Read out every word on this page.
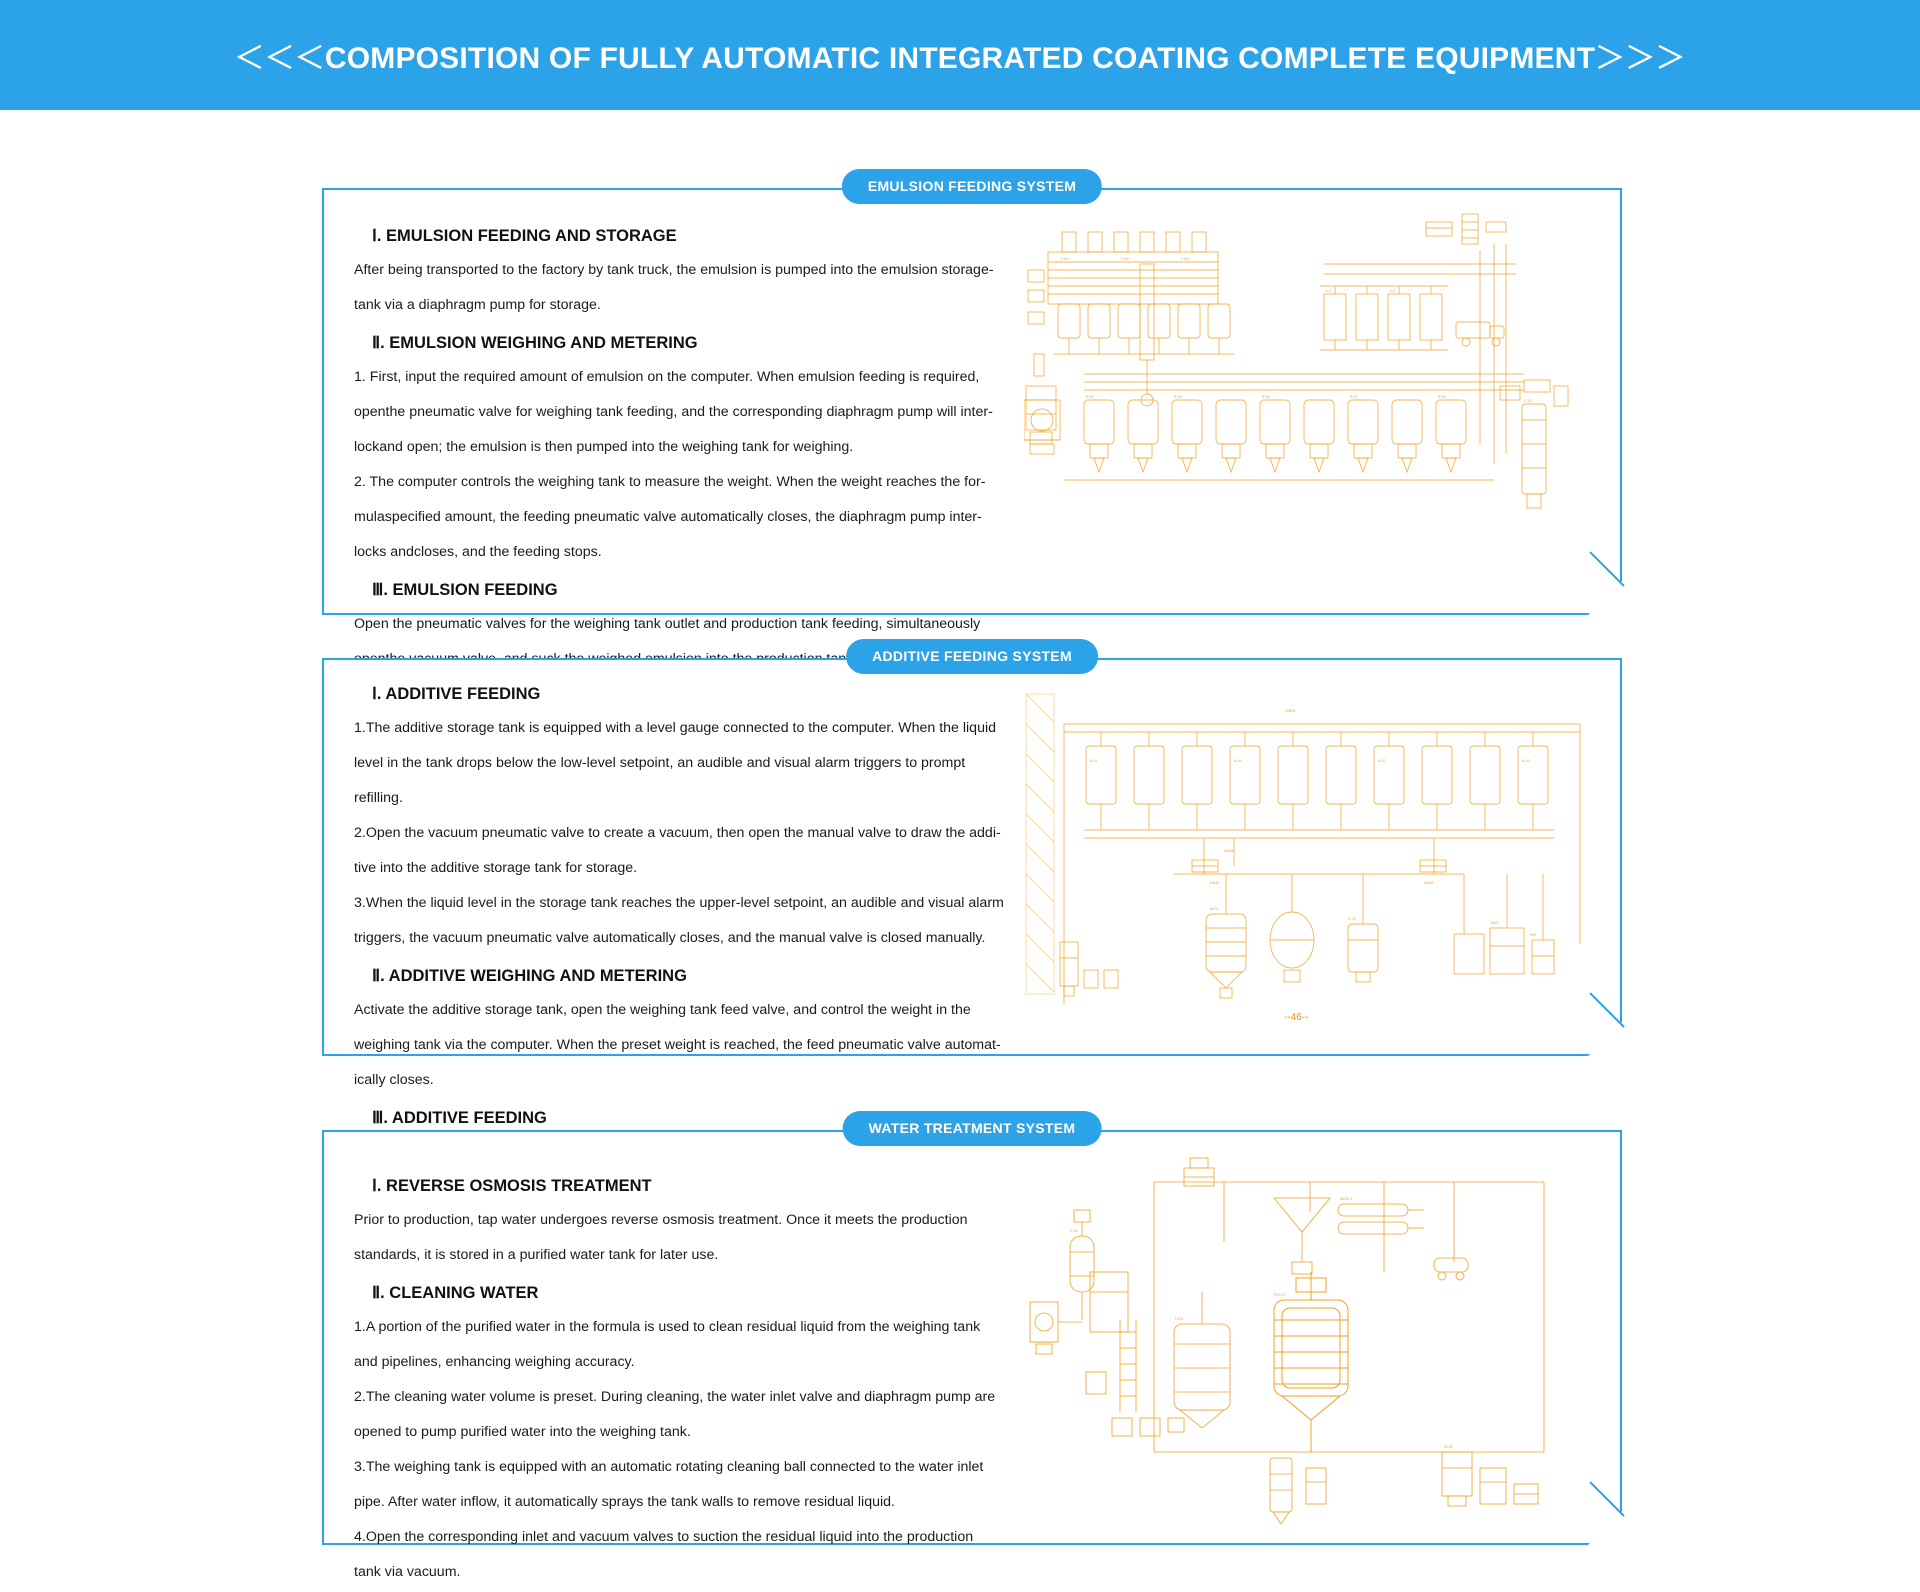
＜＜＜COMPOSITION OF FULLY AUTOMATIC INTEGRATED COATING COMPLETE EQUIPMENT＞＞＞
EMULSION FEEDING SYSTEM
Ⅰ. EMULSION FEEDING AND STORAGE
After being transported to the factory by tank truck, the emulsion is pumped into the emulsion storage-
tank via a diaphragm pump for storage.
Ⅱ. EMULSION WEIGHING AND METERING
1. First, input the required amount of emulsion on the computer. When emulsion feeding is required,
openthe pneumatic valve for weighing tank feeding, and the corresponding diaphragm pump will inter-
lockand open; the emulsion is then pumped into the weighing tank for weighing.
2. The computer controls the weighing tank to measure the weight. When the weight reaches the for-
mulaspecified amount, the feeding pneumatic valve automatically closes, the diaphragm pump inter-
locks andcloses, and the feeding stops.
Ⅲ. EMULSION FEEDING
Open the pneumatic valves for the weighing tank outlet and production tank feeding, simultaneously
T-101	T-102	T-103
R-01	R-03	R-05	R-07	R-09
V-1	V-3
C-01
ADDITIVE FEEDING SYSTEM
Ⅰ. ADDITIVE FEEDING
1.The additive storage tank is equipped with a level gauge connected to the computer. When the liquid
level in the tank drops below the low-level setpoint, an audible and visual alarm triggers to prompt
refilling.
2.Open the vacuum pneumatic valve to create a vacuum, then open the manual valve to draw the addi-
tive into the additive storage tank for storage.
3.When the liquid level in the storage tank reaches the upper-level setpoint, an audible and visual alarm
triggers, the vacuum pneumatic valve automatically closes, and the manual valve is closed manually.
Ⅱ. ADDITIVE WEIGHING AND METERING
Activate the additive storage tank, open the weighing tank feed valve, and control the weight in the
weighing tank via the computer. When the preset weight is reached, the feed pneumatic valve automat-
ically closes.
Ⅲ. ADDITIVE FEEDING
DN25
DN25
DN40	DN40
A-01	A-04	A-07	A-10
W-01
P-01
10m³
5m³
--46--
WATER TREATMENT SYSTEM
Ⅰ. REVERSE OSMOSIS TREATMENT
Prior to production, tap water undergoes reverse osmosis treatment. Once it meets the production
standards, it is stored in a purified water tank for later use.
Ⅱ. CLEANING WATER
1.A portion of the purified water in the formula is used to clean residual liquid from the weighing tank
and pipelines, enhancing weighing accuracy.
2.The cleaning water volume is preset. During cleaning, the water inlet valve and diaphragm pump are
opened to pump purified water into the weighing tank.
3.The weighing tank is equipped with an automatic rotating cleaning ball connected to the water inlet
pipe. After water inflow, it automatically sprays the tank walls to remove residual liquid.
4.Open the corresponding inlet and vacuum valves to suction the residual liquid into the production
tank via vacuum.
RO-01
T-201
F-01
MEM-1
W-02
